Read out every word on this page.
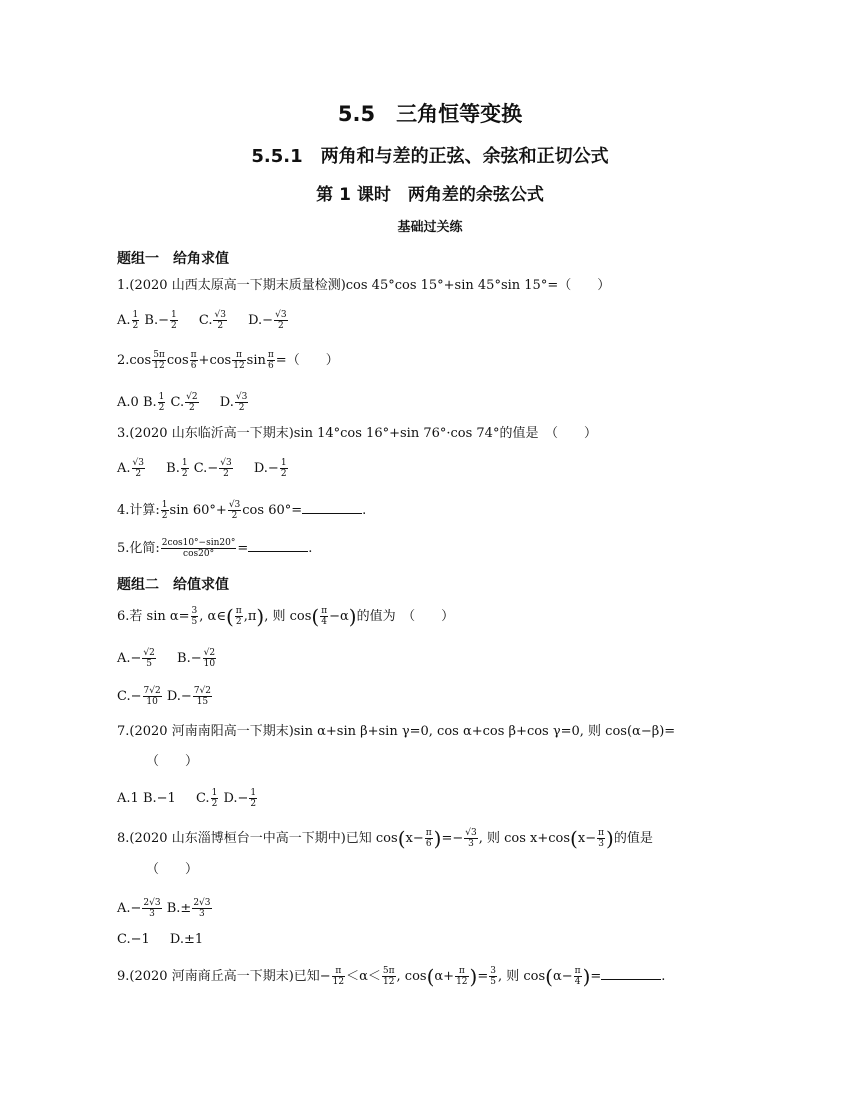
5.5　三角恒等变换
5.5.1　两角和与差的正弦、余弦和正切公式
第 1 课时　两角差的余弦公式
基础过关练
题组一　给角求值
1.(2020 山西太原高一下期末质量检测)cos 45°cos 15°+sin 45°sin 15°=（　　）
A. $\frac{1}{2} B.- \frac{1}{2} C$. $\frac{√3}{2} D.- \frac{√3}{2}$
$2.\cos \frac{5\pi}{12}$ $\cos \frac{\pi}{6} +\cos \frac{\pi}{12}$ $\sin \frac{\pi}{6}$ =（　　）
A.0 B. $\frac{1}{2} C$. $\frac{√2}{2} D$. $\frac{√3}{2}$
3.(2020 山东临沂高一下期末)sin 14°cos 16°+sin 76°·cos 74°的值是　（　　）
A. $\frac{√3}{2} B$. $\frac{1}{2} C.- \frac{√3}{2} D.- \frac{1}{2}$
4.计算: $\frac{1}{2}$ $\sin 60^\circ+ \frac{√3}{2}$ cos 60°=	.
5.化简: $\frac{2\cos 10^\circ-\sin 20^\circ}{\cos 20^\circ}$ =	.
题组二　给值求值
6.若 $\sin \alpha= \frac{3}{5}$ , α∈( $\frac{\pi}{2} ,\pi$), 则 $\cos( \frac{\pi}{4} -\alpha)$的值为　（　　）
$A.- \frac{√2}{5} B.- \frac{√2}{10}$
$C.- \frac{7√2}{10} D.- \frac{7√2}{15}$
7.(2020 河南南阳高一下期末)sin α+sin β+sin γ=0, cos α+cos β+cos γ=0, 则 cos(α−β)=
（　　）
A.1 B.−1 C. $\frac{1}{2} D.- \frac{1}{2}$
8.(2020 山东淄博桓台一中高一下期中)已知 $\cos(x- \frac{\pi}{6}$ )=− $\frac{√3}{3}$ , 则 $\cos x+\cos(x- \frac{\pi}{3}$ )的值是
（　　）
$A.- \frac{2√3}{3} B.\pm \frac{2√3}{3}$
C.−1 D.±1
9.(2020 河南商丘高一下期末)已知− $\frac{\pi}{12} <\alpha< \frac{5\pi}{12}$ , $\cos(\alpha+ \frac{\pi}{12}$ )= $\frac{3}{5}$ , 则 $\cos(\alpha- \frac{\pi}{4}$ )=	.
